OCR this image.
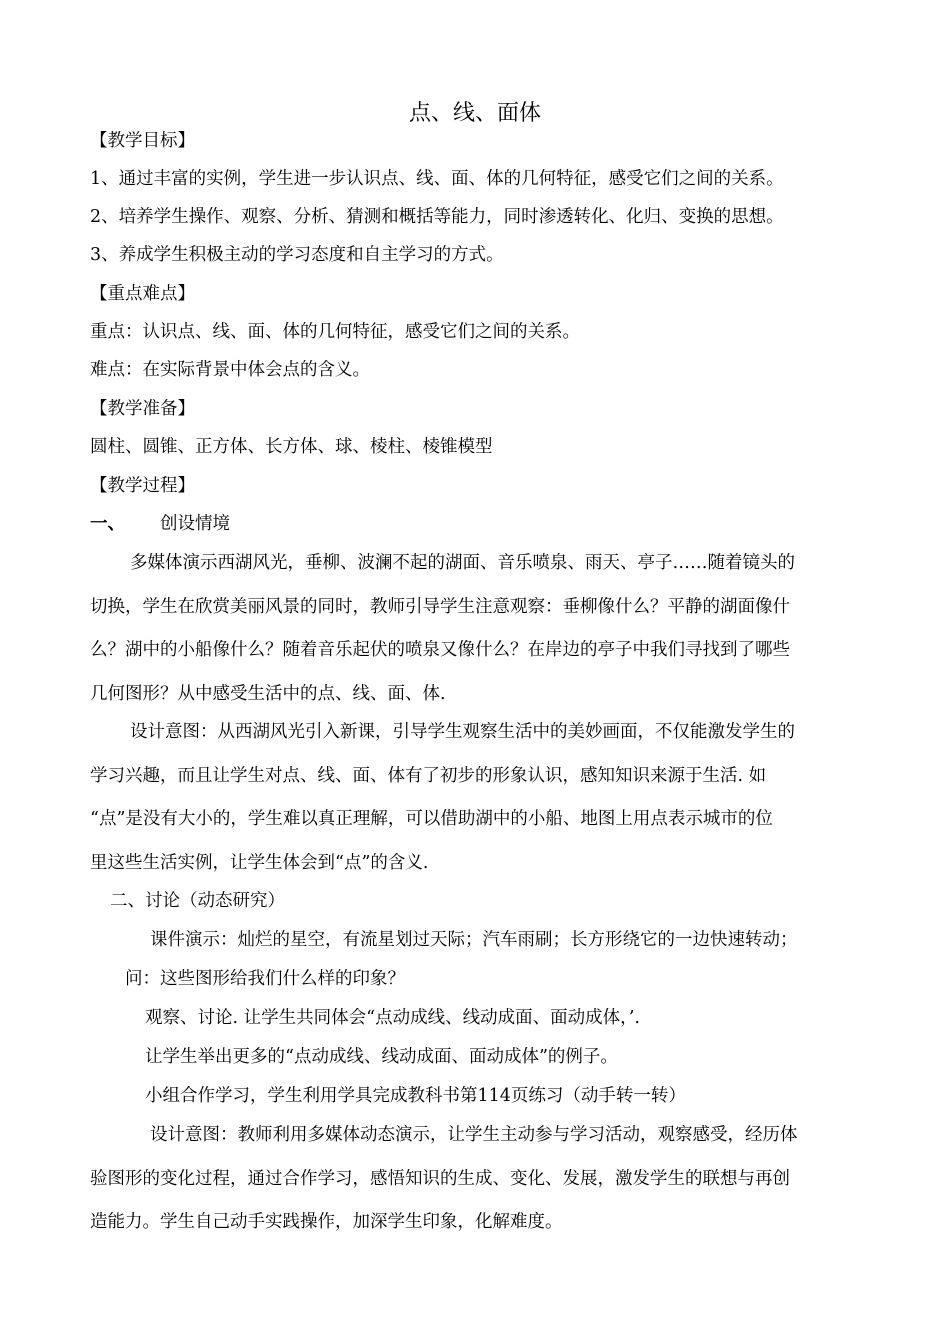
点、线、面体
【教学目标】
1、通过丰富的实例，学生进一步认识点、线、面、体的几何特征，感受它们之间的关系。
2、培养学生操作、观察、分析、猜测和概括等能力，同时渗透转化、化归、变换的思想。
3、养成学生积极主动的学习态度和自主学习的方式。
【重点难点】
重点：认识点、线、面、体的几何特征，感受它们之间的关系。
难点：在实际背景中体会点的含义。
【教学准备】
圆柱、圆锥、正方体、长方体、球、棱柱、棱锥模型
【教学过程】
一、 创设情境
多媒体演示西湖风光，垂柳、波澜不起的湖面、音乐喷泉、雨天、亭子……随着镜头的
切换，学生在欣赏美丽风景的同时，教师引导学生注意观察：垂柳像什么？平静的湖面像什
么？湖中的小船像什么？随着音乐起伏的喷泉又像什么？在岸边的亭子中我们寻找到了哪些
几何图形？从中感受生活中的点、线、面、体.
设计意图：从西湖风光引入新课，引导学生观察生活中的美妙画面，不仅能激发学生的
学习兴趣，而且让学生对点、线、面、体有了初步的形象认识，感知知识来源于生活. 如
“点”是没有大小的，学生难以真正理解，可以借助湖中的小船、地图上用点表示城市的位
里这些生活实例，让学生体会到“点”的含义.
二、讨论（动态研究）
课件演示：灿烂的星空，有流星划过天际；汽车雨刷；长方形绕它的一边快速转动；
问：这些图形给我们什么样的印象？
观察、讨论. 让学生共同体会“点动成线、线动成面、面动成体，’.
让学生举出更多的“点动成线、线动成面、面动成体”的例子。
小组合作学习，学生利用学具完成教科书第114页练习（动手转一转）
设计意图：教师利用多媒体动态演示，让学生主动参与学习活动，观察感受，经历体
验图形的变化过程，通过合作学习，感悟知识的生成、变化、发展，激发学生的联想与再创
造能力。学生自己动手实践操作，加深学生印象，化解难度。
